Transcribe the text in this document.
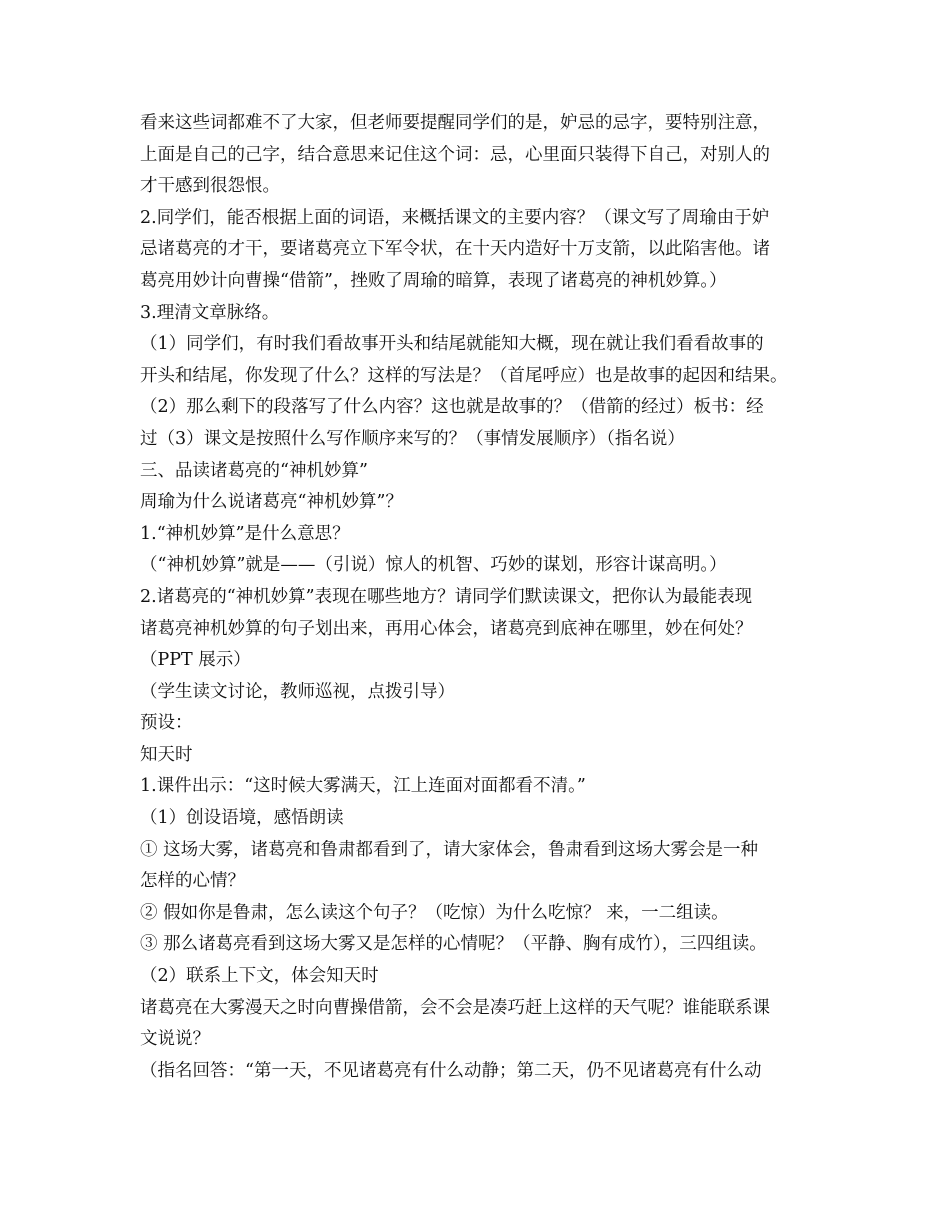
看来这些词都难不了大家，但老师要提醒同学们的是，妒忌的忌字，要特别注意，
上面是自己的己字，结合意思来记住这个词：忌，心里面只装得下自己，对别人的
才干感到很怨恨。
2.同学们，能否根据上面的词语，来概括课文的主要内容？（课文写了周瑜由于妒
忌诸葛亮的才干，要诸葛亮立下军令状，在十天内造好十万支箭，以此陷害他。诸
葛亮用妙计向曹操“借箭”，挫败了周瑜的暗算，表现了诸葛亮的神机妙算。）
3.理清文章脉络。
（1）同学们，有时我们看故事开头和结尾就能知大概，现在就让我们看看故事的
开头和结尾，你发现了什么？这样的写法是？（首尾呼应）也是故事的起因和结果。
（2）那么剩下的段落写了什么内容？这也就是故事的？（借箭的经过）板书：经
过（3）课文是按照什么写作顺序来写的？（事情发展顺序）（指名说）
三、品读诸葛亮的“神机妙算”
周瑜为什么说诸葛亮“神机妙算”？
1.“神机妙算”是什么意思？
（“神机妙算”就是——（引说）惊人的机智、巧妙的谋划，形容计谋高明。）
2.诸葛亮的“神机妙算”表现在哪些地方？请同学们默读课文，把你认为最能表现
诸葛亮神机妙算的句子划出来，再用心体会，诸葛亮到底神在哪里，妙在何处？
（PPT 展示）
（学生读文讨论，教师巡视，点拨引导）
预设：
知天时
1.课件出示：“这时候大雾满天，江上连面对面都看不清。”
（1）创设语境，感悟朗读
① 这场大雾，诸葛亮和鲁肃都看到了，请大家体会，鲁肃看到这场大雾会是一种
怎样的心情？
② 假如你是鲁肃，怎么读这个句子？（吃惊）为什么吃惊？ 来，一二组读。
③ 那么诸葛亮看到这场大雾又是怎样的心情呢？（平静、胸有成竹），三四组读。
（2）联系上下文，体会知天时
诸葛亮在大雾漫天之时向曹操借箭，会不会是凑巧赶上这样的天气呢？谁能联系课
文说说？
（指名回答：“第一天，不见诸葛亮有什么动静；第二天，仍不见诸葛亮有什么动
